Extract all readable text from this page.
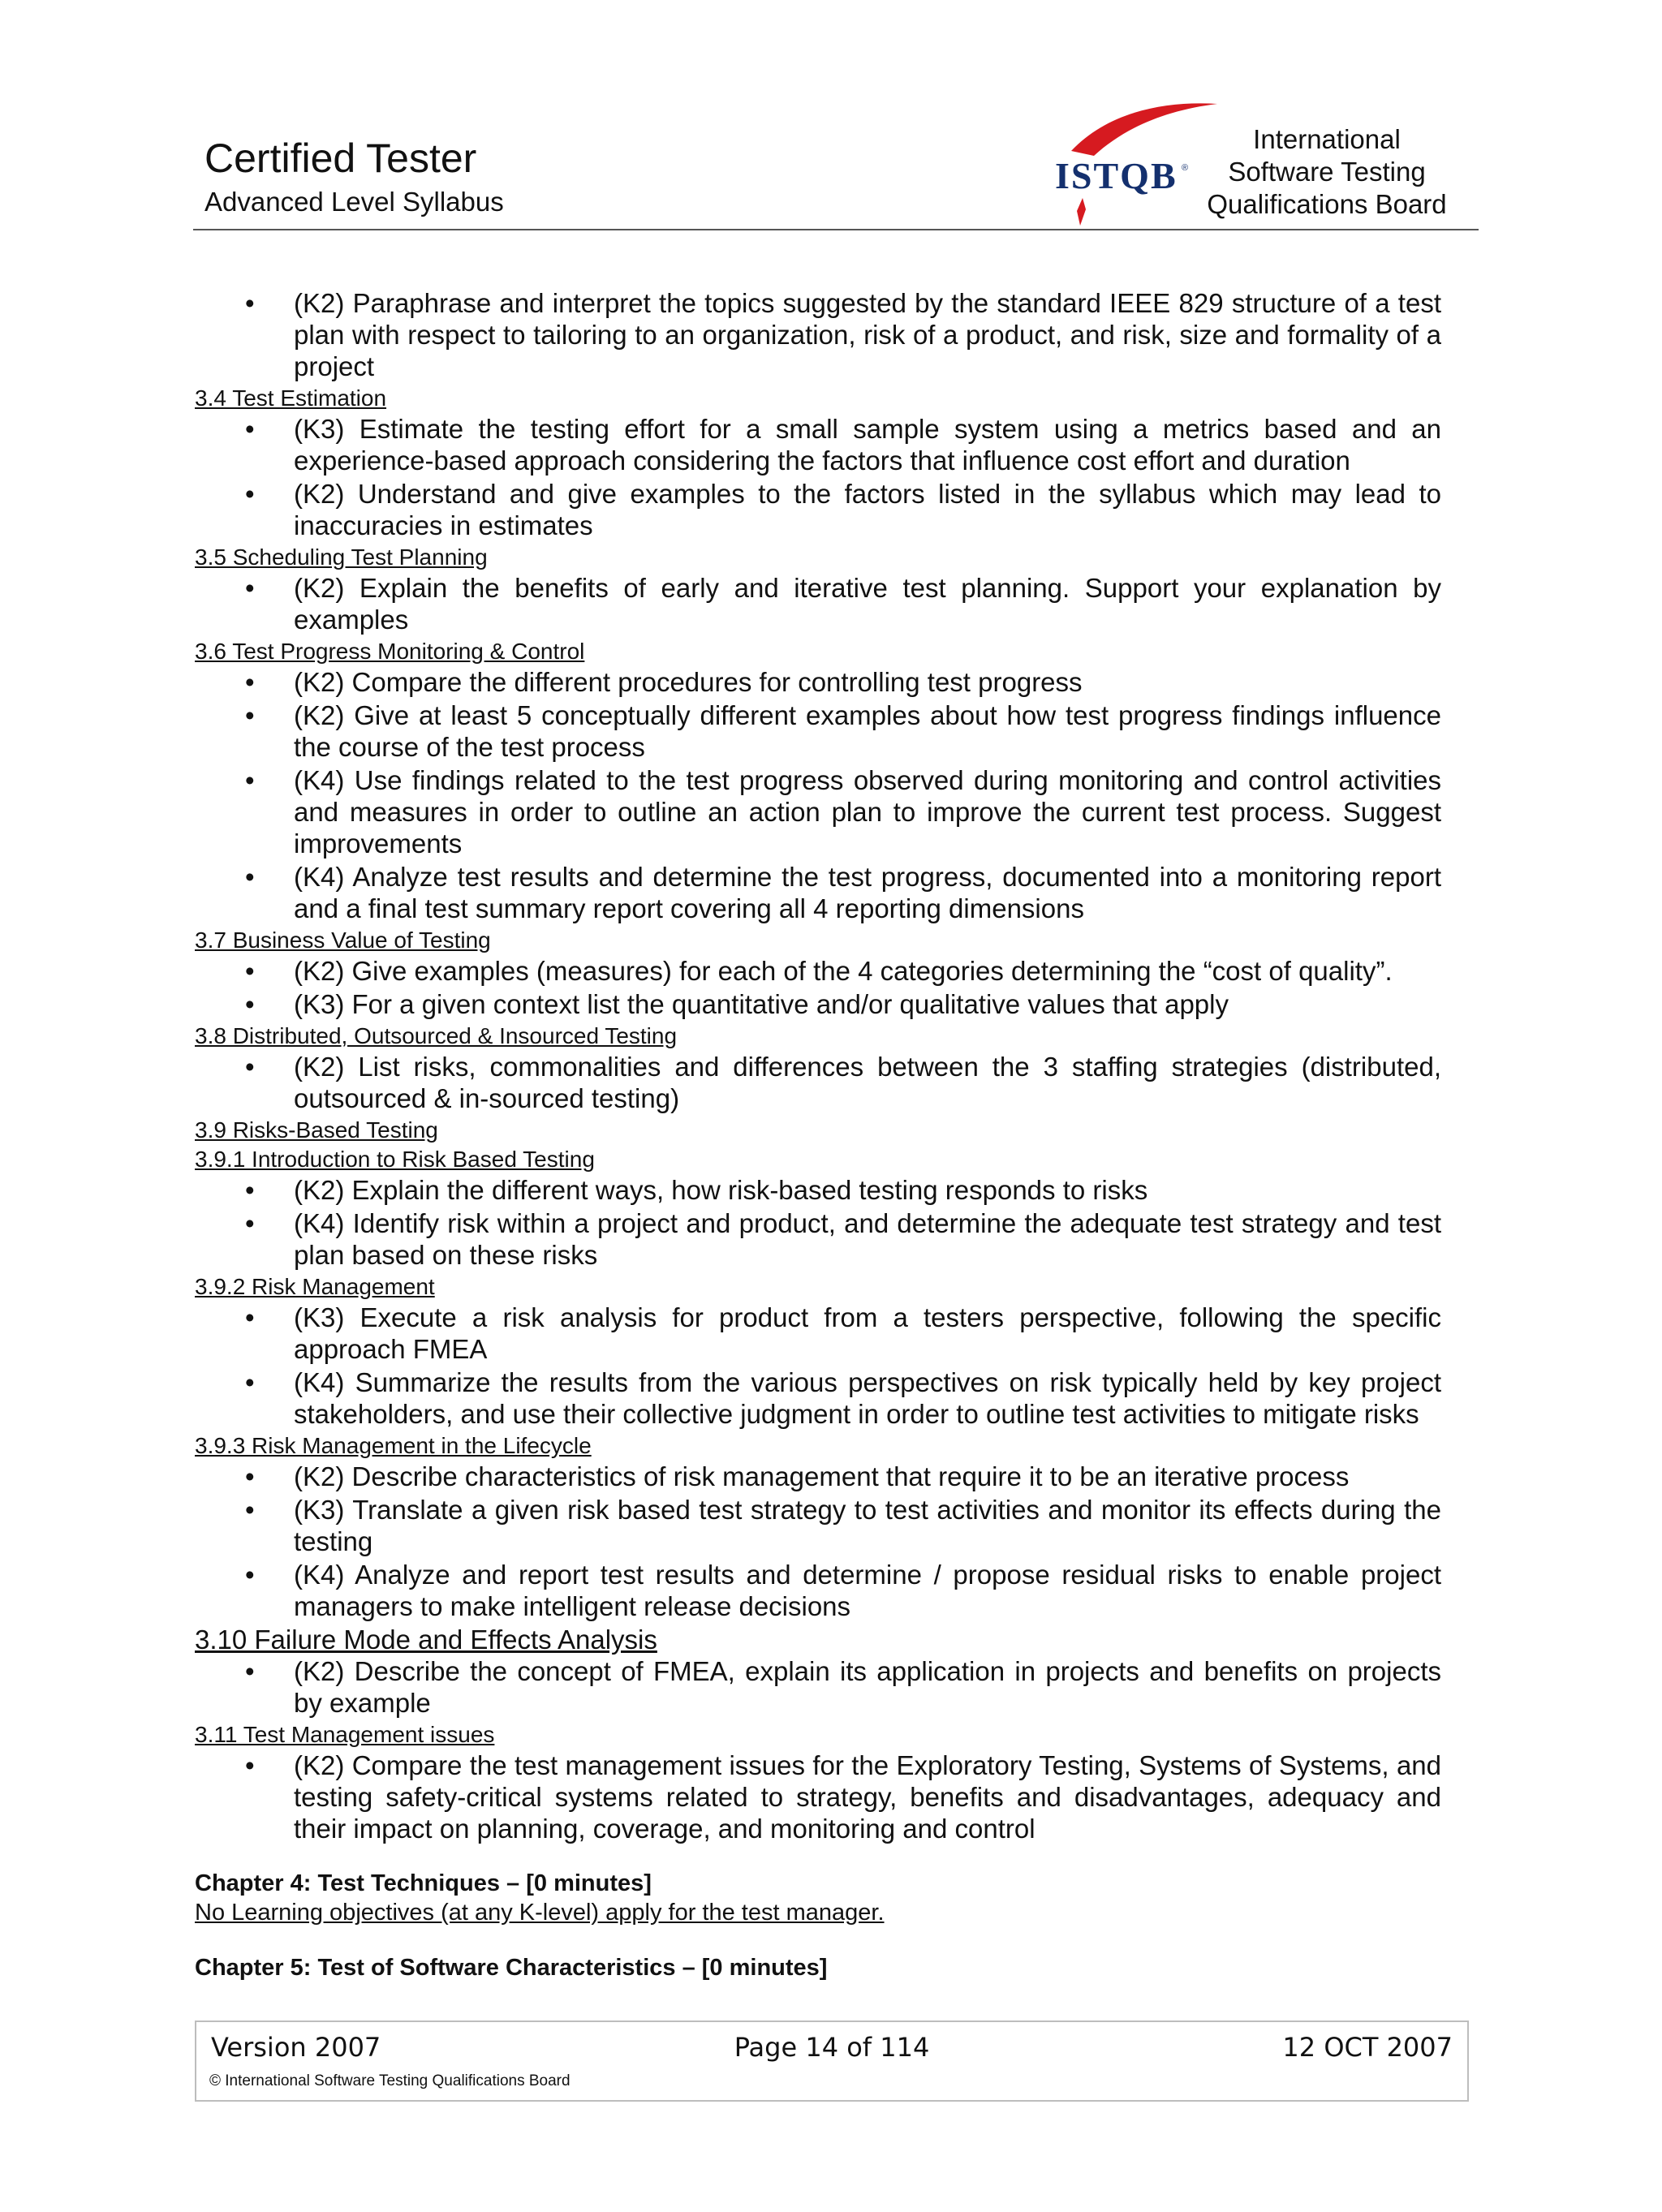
Certified Tester
Advanced Level Syllabus
ISTQB ®
International
Software Testing
Qualifications Board
• (K2) Paraphrase and interpret the topics suggested by the standard IEEE 829 structure of a test plan with respect to tailoring to an organization, risk of a product, and risk, size and formality of a project
3.4 Test Estimation
• (K3) Estimate the testing effort for a small sample system using a metrics based and an experience-based approach considering the factors that influence cost effort and duration
• (K2) Understand and give examples to the factors listed in the syllabus which may lead to inaccuracies in estimates
3.5 Scheduling Test Planning
• (K2) Explain the benefits of early and iterative test planning. Support your explanation by examples
3.6 Test Progress Monitoring & Control
• (K2) Compare the different procedures for controlling test progress
• (K2) Give at least 5 conceptually different examples about how test progress findings influence the course of the test process
• (K4) Use findings related to the test progress observed during monitoring and control activities and measures in order to outline an action plan to improve the current test process. Suggest improvements
• (K4) Analyze test results and determine the test progress, documented into a monitoring report and a final test summary report covering all 4 reporting dimensions
3.7 Business Value of Testing
• (K2) Give examples (measures) for each of the 4 categories determining the “cost of quality”.
• (K3) For a given context list the quantitative and/or qualitative values that apply
3.8 Distributed, Outsourced & Insourced Testing
• (K2) List risks, commonalities and differences between the 3 staffing strategies (distributed, outsourced & in-sourced testing)
3.9 Risks-Based Testing
3.9.1 Introduction to Risk Based Testing
• (K2) Explain the different ways, how risk-based testing responds to risks
• (K4) Identify risk within a project and product, and determine the adequate test strategy and test plan based on these risks
3.9.2 Risk Management
• (K3) Execute a risk analysis for product from a testers perspective, following the specific approach FMEA
• (K4) Summarize the results from the various perspectives on risk typically held by key project stakeholders, and use their collective judgment in order to outline test activities to mitigate risks
3.9.3 Risk Management in the Lifecycle
• (K2) Describe characteristics of risk management that require it to be an iterative process
• (K3) Translate a given risk based test strategy to test activities and monitor its effects during the testing
• (K4) Analyze and report test results and determine / propose residual risks to enable project managers to make intelligent release decisions
3.10 Failure Mode and Effects Analysis
• (K2) Describe the concept of FMEA, explain its application in projects and benefits on projects by example
3.11 Test Management issues
• (K2) Compare the test management issues for the Exploratory Testing, Systems of Systems, and testing safety-critical systems related to strategy, benefits and disadvantages, adequacy and their impact on planning, coverage, and monitoring and control
Chapter 4: Test Techniques – [0 minutes]
No Learning objectives (at any K-level) apply for the test manager.
Chapter 5: Test of Software Characteristics – [0 minutes]
Version 2007	Page 14 of 114	12 OCT 2007
© International Software Testing Qualifications Board
